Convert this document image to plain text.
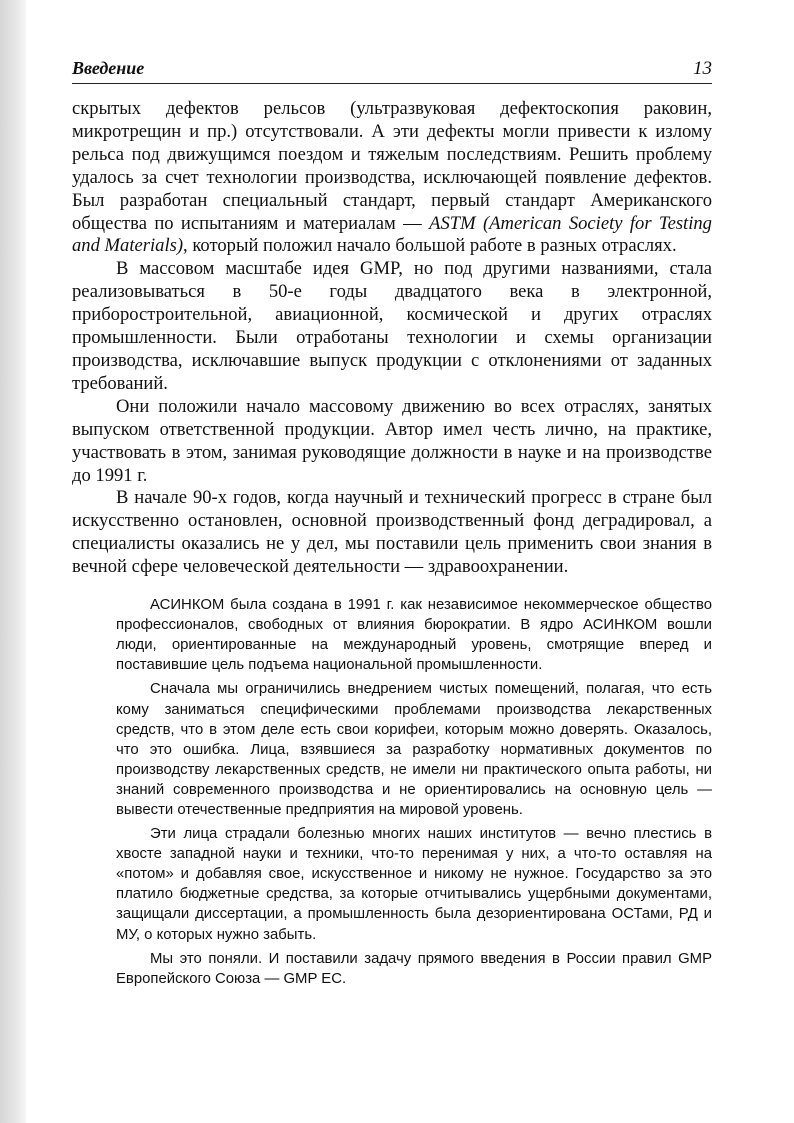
Введение	13

скрытых дефектов рельсов (ультразвуковая дефектоскопия раковин, микротрещин и пр.) отсутствовали. А эти дефекты могли привести к излому рельса под движущимся поездом и тяжелым последствиям. Решить проблему удалось за счет технологии производства, исключающей появление дефектов. Был разработан специальный стандарт, первый стандарт Американского общества по испытаниям и материалам — ASTM (American Society for Testing and Materials), который положил начало большой работе в разных отраслях.

В массовом масштабе идея GMP, но под другими названиями, стала реализовываться в 50-е годы двадцатого века в электронной, приборостроительной, авиационной, космической и других отраслях промышленности. Были отработаны технологии и схемы организации производства, исключавшие выпуск продукции с отклонениями от заданных требований.

Они положили начало массовому движению во всех отраслях, занятых выпуском ответственной продукции. Автор имел честь лично, на практике, участвовать в этом, занимая руководящие должности в науке и на производстве до 1991 г.

В начале 90-х годов, когда научный и технический прогресс в стране был искусственно остановлен, основной производственный фонд деградировал, а специалисты оказались не у дел, мы поставили цель применить свои знания в вечной сфере человеческой деятельности — здравоохранении.

АСИНКОМ была создана в 1991 г. как независимое некоммерческое общество профессионалов, свободных от влияния бюрократии. В ядро АСИНКОМ вошли люди, ориентированные на международный уровень, смотрящие вперед и поставившие цель подъема национальной промышленности.

Сначала мы ограничились внедрением чистых помещений, полагая, что есть кому заниматься специфическими проблемами производства лекарственных средств, что в этом деле есть свои корифеи, которым можно доверять. Оказалось, что это ошибка. Лица, взявшиеся за разработку нормативных документов по производству лекарственных средств, не имели ни практического опыта работы, ни знаний современного производства и не ориентировались на основную цель — вывести отечественные предприятия на мировой уровень.

Эти лица страдали болезнью многих наших институтов — вечно плестись в хвосте западной науки и техники, что-то перенимая у них, а что-то оставляя на «потом» и добавляя свое, искусственное и никому не нужное. Государство за это платило бюджетные средства, за которые отчитывались ущербными документами, защищали диссертации, а промышленность была дезориентирована ОСТами, РД и МУ, о которых нужно забыть.

Мы это поняли. И поставили задачу прямого введения в России правил GMP Европейского Союза — GMP ЕС.
